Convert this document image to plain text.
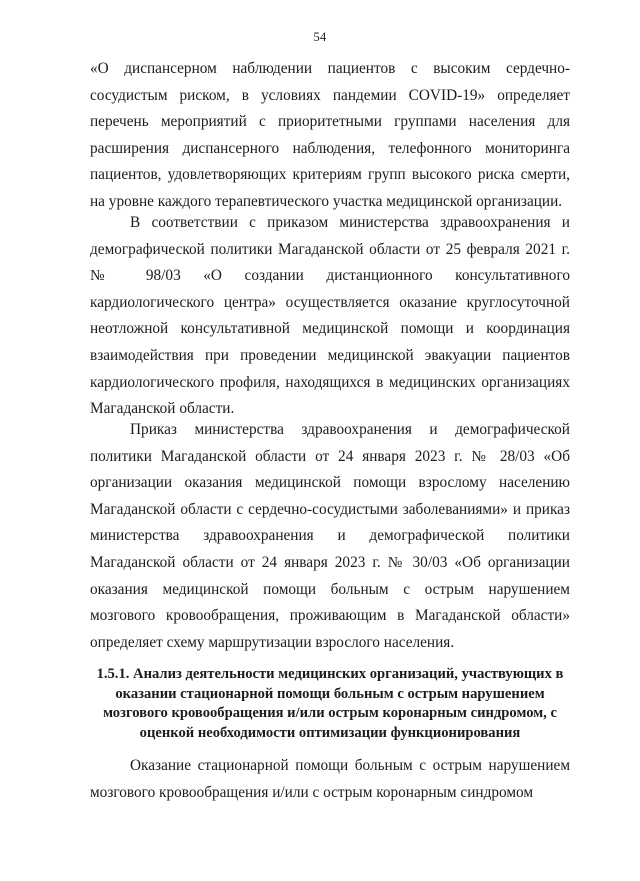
54

«О диспансерном наблюдении пациентов с высоким сердечно-сосудистым риском, в условиях пандемии COVID-19» определяет перечень мероприятий с приоритетными группами населения для расширения диспансерного наблюдения, телефонного мониторинга пациентов, удовлетворяющих критериям групп высокого риска смерти, на уровне каждого терапевтического участка медицинской организации.

В соответствии с приказом министерства здравоохранения и демографической политики Магаданской области от 25 февраля 2021 г. № 98/03 «О создании дистанционного консультативного кардиологического центра» осуществляется оказание круглосуточной неотложной консультативной медицинской помощи и координация взаимодействия при проведении медицинской эвакуации пациентов кардиологического профиля, находящихся в медицинских организациях Магаданской области.

Приказ министерства здравоохранения и демографической политики Магаданской области от 24 января 2023 г. № 28/03 «Об организации оказания медицинской помощи взрослому населению Магаданской области с сердечно-сосудистыми заболеваниями» и приказ министерства здравоохранения и демографической политики Магаданской области от 24 января 2023 г. № 30/03 «Об организации оказания медицинской помощи больным с острым нарушением мозгового кровообращения, проживающим в Магаданской области» определяет схему маршрутизации взрослого населения.

1.5.1. Анализ деятельности медицинских организаций, участвующих в оказании стационарной помощи больным с острым нарушением мозгового кровообращения и/или острым коронарным синдромом, с оценкой необходимости оптимизации функционирования

Оказание стационарной помощи больным с острым нарушением мозгового кровообращения и/или с острым коронарным синдромом
